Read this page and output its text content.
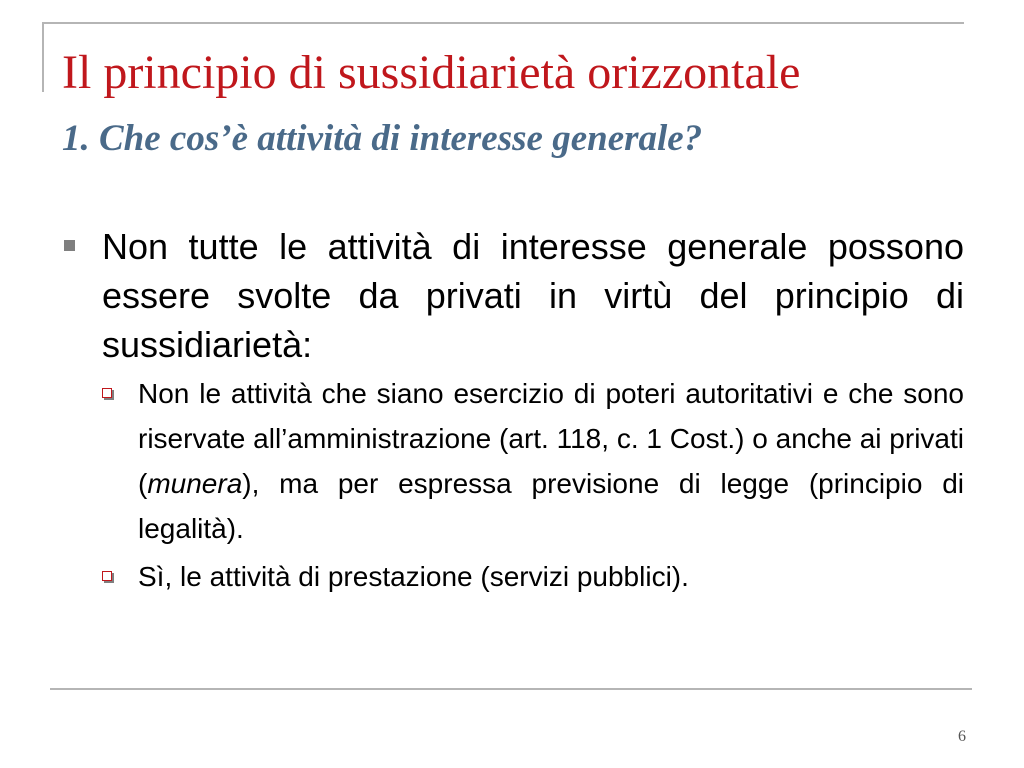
Il principio di sussidiarietà orizzontale
1. Che cos’è attività di interesse generale?
Non tutte le attività di interesse generale possono essere svolte da privati in virtù del principio di sussidiarietà:
Non le attività che siano esercizio di poteri autoritativi e che sono riservate all’amministrazione (art. 118, c. 1 Cost.) o anche ai privati (munera), ma per espressa previsione di legge (principio di legalità).
Sì, le attività di prestazione (servizi pubblici).
6
